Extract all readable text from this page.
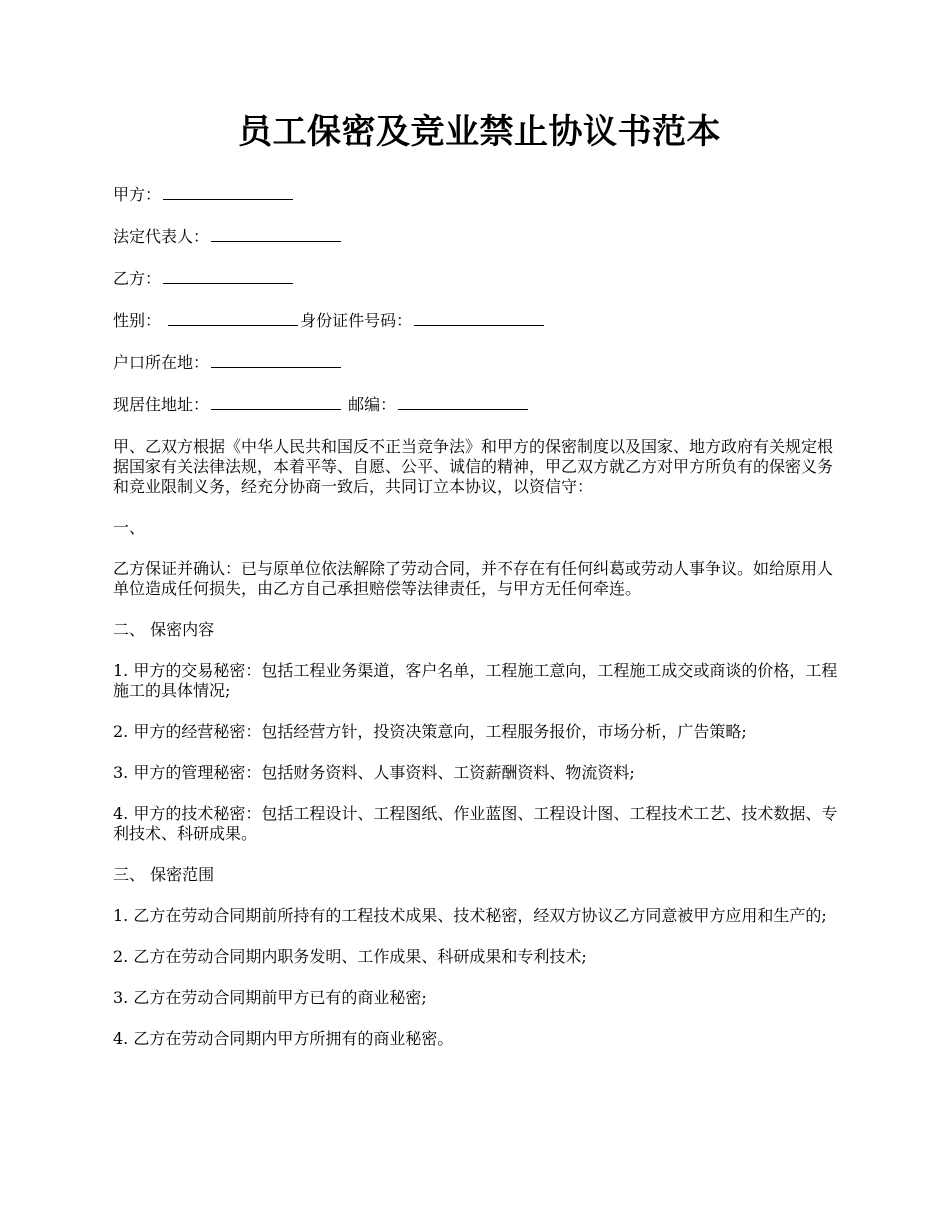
员工保密及竞业禁止协议书范本

甲方：

法定代表人：

乙方：

性别：	身份证件号码：

户口所在地：

现居住地址：	邮编：

甲、乙双方根据《中华人民共和国反不正当竞争法》和甲方的保密制度以及国家、地方政府有关规定根据国家有关法律法规，本着平等、自愿、公平、诚信的精神，甲乙双方就乙方对甲方所负有的保密义务和竞业限制义务，经充分协商一致后，共同订立本协议，以资信守：

一、

乙方保证并确认：已与原单位依法解除了劳动合同，并不存在有任何纠葛或劳动人事争议。如给原用人单位造成任何损失，由乙方自己承担赔偿等法律责任，与甲方无任何牵连。

二、 保密内容

1. 甲方的交易秘密：包括工程业务渠道，客户名单，工程施工意向，工程施工成交或商谈的价格，工程施工的具体情况;

2. 甲方的经营秘密：包括经营方针，投资决策意向，工程服务报价，市场分析，广告策略;

3. 甲方的管理秘密：包括财务资料、人事资料、工资薪酬资料、物流资料;

4. 甲方的技术秘密：包括工程设计、工程图纸、作业蓝图、工程设计图、工程技术工艺、技术数据、专利技术、科研成果。

三、 保密范围

1. 乙方在劳动合同期前所持有的工程技术成果、技术秘密，经双方协议乙方同意被甲方应用和生产的;

2. 乙方在劳动合同期内职务发明、工作成果、科研成果和专利技术;

3. 乙方在劳动合同期前甲方已有的商业秘密;

4. 乙方在劳动合同期内甲方所拥有的商业秘密。
